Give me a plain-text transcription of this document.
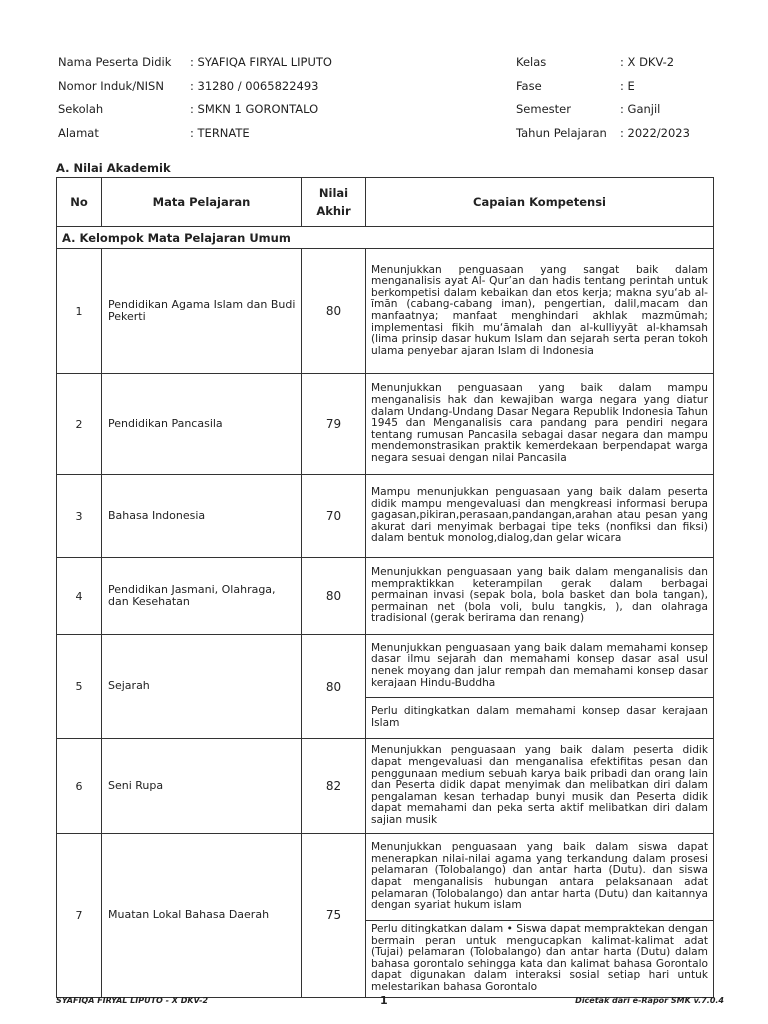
Nama Peserta Didik	: SYAFIQA FIRYAL LIPUTO
Nomor Induk/NISN	: 31280 / 0065822493
Sekolah	: SMKN 1 GORONTALO
Alamat	: TERNATE
Kelas	: X DKV-2
Fase	: E
Semester	: Ganjil
Tahun Pelajaran	: 2022/2023
A. Nilai Akademik
No	Mata Pelajaran	Nilai Akhir	Capaian Kompetensi
A. Kelompok Mata Pelajaran Umum			
1	Pendidikan Agama Islam dan Budi Pekerti	80	Menunjukkan penguasaan yang sangat baik dalam menganalisis ayat Al- Qur’an dan hadis tentang perintah untuk berkompetisi dalam kebaikan dan etos kerja; makna syu‘ab al- īmān (cabang-cabang iman), pengertian, dalil,macam dan manfaatnya; manfaat menghindari akhlak mazmūmah; implementasi fikih mu‘āmalah dan al-kulliyyāt al-khamsah (lima prinsip dasar hukum Islam dan sejarah serta peran tokoh ulama penyebar ajaran Islam di Indonesia
2	Pendidikan Pancasila	79	Menunjukkan penguasaan yang baik dalam mampu menganalisis hak dan kewajiban warga negara yang diatur dalam Undang-Undang Dasar Negara Republik Indonesia Tahun 1945 dan Menganalisis cara pandang para pendiri negara tentang rumusan Pancasila sebagai dasar negara dan mampu mendemonstrasikan praktik kemerdekaan berpendapat warga negara sesuai dengan nilai Pancasila
3	Bahasa Indonesia	70	Mampu menunjukkan penguasaan yang baik dalam peserta didik mampu mengevaluasi dan mengkreasi informasi berupa gagasan,pikiran,perasaan,pandangan,arahan atau pesan yang akurat dari menyimak berbagai tipe teks (nonfiksi dan fiksi) dalam bentuk monolog,dialog,dan gelar wicara
4	Pendidikan Jasmani, Olahraga, dan Kesehatan	80	Menunjukkan penguasaan yang baik dalam menganalisis dan mempraktikkan keterampilan gerak dalam berbagai permainan invasi (sepak bola, bola basket dan bola tangan), permainan net (bola voli, bulu tangkis, ), dan olahraga tradisional (gerak berirama dan renang)
5	Sejarah	80	Menunjukkan penguasaan yang baik dalam memahami konsep dasar ilmu sejarah dan memahami konsep dasar asal usul nenek moyang dan jalur rempah dan memahami konsep dasar kerajaan Hindu-Buddha
			Perlu ditingkatkan dalam memahami konsep dasar kerajaan Islam
6	Seni Rupa	82	Menunjukkan penguasaan yang baik dalam peserta didik dapat mengevaluasi dan menganalisa efektifitas pesan dan penggunaan medium sebuah karya baik pribadi dan orang lain dan Peserta didik dapat menyimak dan melibatkan diri dalam pengalaman kesan terhadap bunyi musik dan Peserta didik dapat memahami dan peka serta aktif melibatkan diri dalam sajian musik
7	Muatan Lokal Bahasa Daerah	75	Menunjukkan penguasaan yang baik dalam siswa dapat menerapkan nilai-nilai agama yang terkandung dalam prosesi pelamaran (Tolobalango) dan antar harta (Dutu). dan siswa dapat menganalisis hubungan antara pelaksanaan adat pelamaran (Tolobalango) dan antar harta (Dutu) dan kaitannya dengan syariat hukum islam
			Perlu ditingkatkan dalam • Siswa dapat mempraktekan dengan bermain peran untuk mengucapkan kalimat-kalimat adat (Tujai) pelamaran (Tolobalango) dan antar harta (Dutu) dalam bahasa gorontalo sehingga kata dan kalimat bahasa Gorontalo dapat digunakan dalam interaksi sosial setiap hari untuk melestarikan bahasa Gorontalo
SYAFIQA FIRYAL LIPUTO - X DKV-2	1	Dicetak dari e-Rapor SMK v.7.0.4
